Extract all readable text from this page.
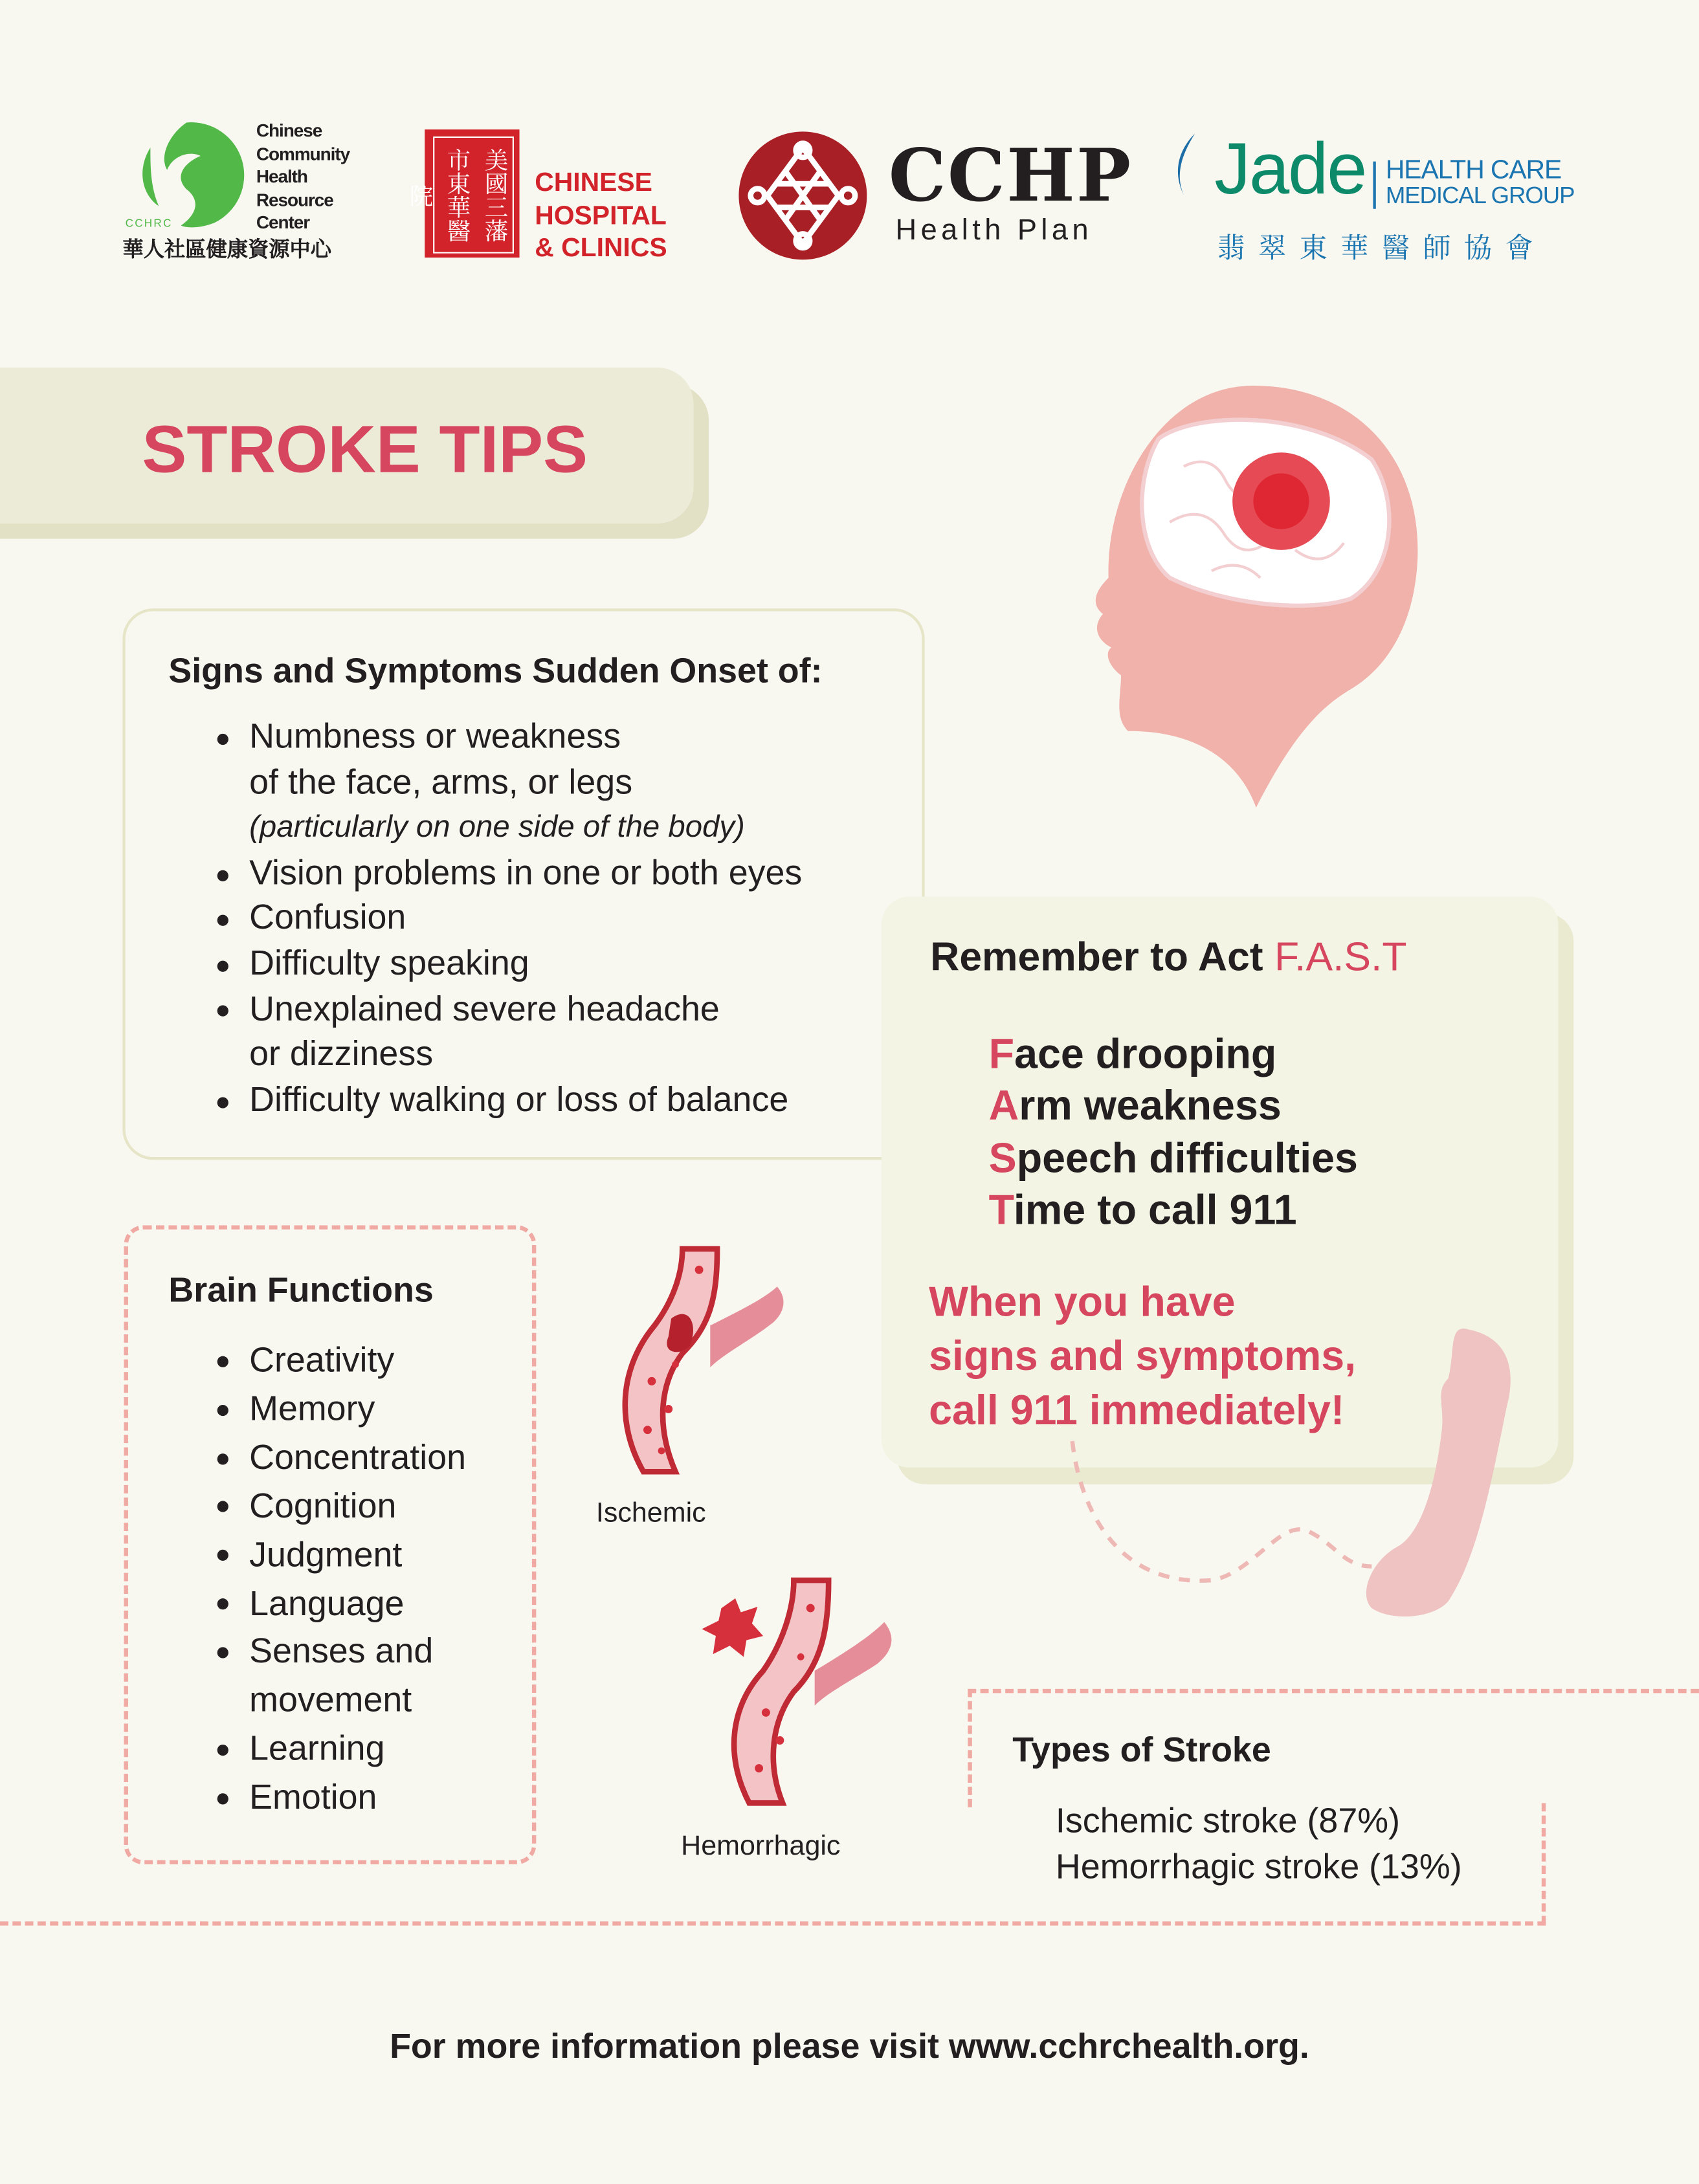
CCHRC
Chinese
Community
Health
Resource
Center
華人社區健康資源中心
美國三藩市東華醫院	CHINESE
HOSPITAL
& CLINICS
CCHP
Health Plan
Jade HEALTH CARE
MEDICAL GROUP
翡 翠 東 華 醫 師 協 會
STROKE TIPS
Signs and Symptoms Sudden Onset of:
Numbness or weakness
of the face, arms, or legs
(particularly on one side of the body)
Vision problems in one or both eyes
Confusion
Difficulty speaking
Unexplained severe headache
or dizziness
Difficulty walking or loss of balance
Remember to Act F.A.S.T
Face drooping
Arm weakness
Speech difficulties
Time to call 911
When you have
signs and symptoms,
call 911 immediately!
Brain Functions
Creativity
Memory
Concentration
Cognition
Judgment
Language
Senses and
movement
Learning
Emotion
Ischemic
Hemorrhagic
Types of Stroke
Ischemic stroke (87%)
Hemorrhagic stroke (13%)
For more information please visit www.cchrchealth.org.
